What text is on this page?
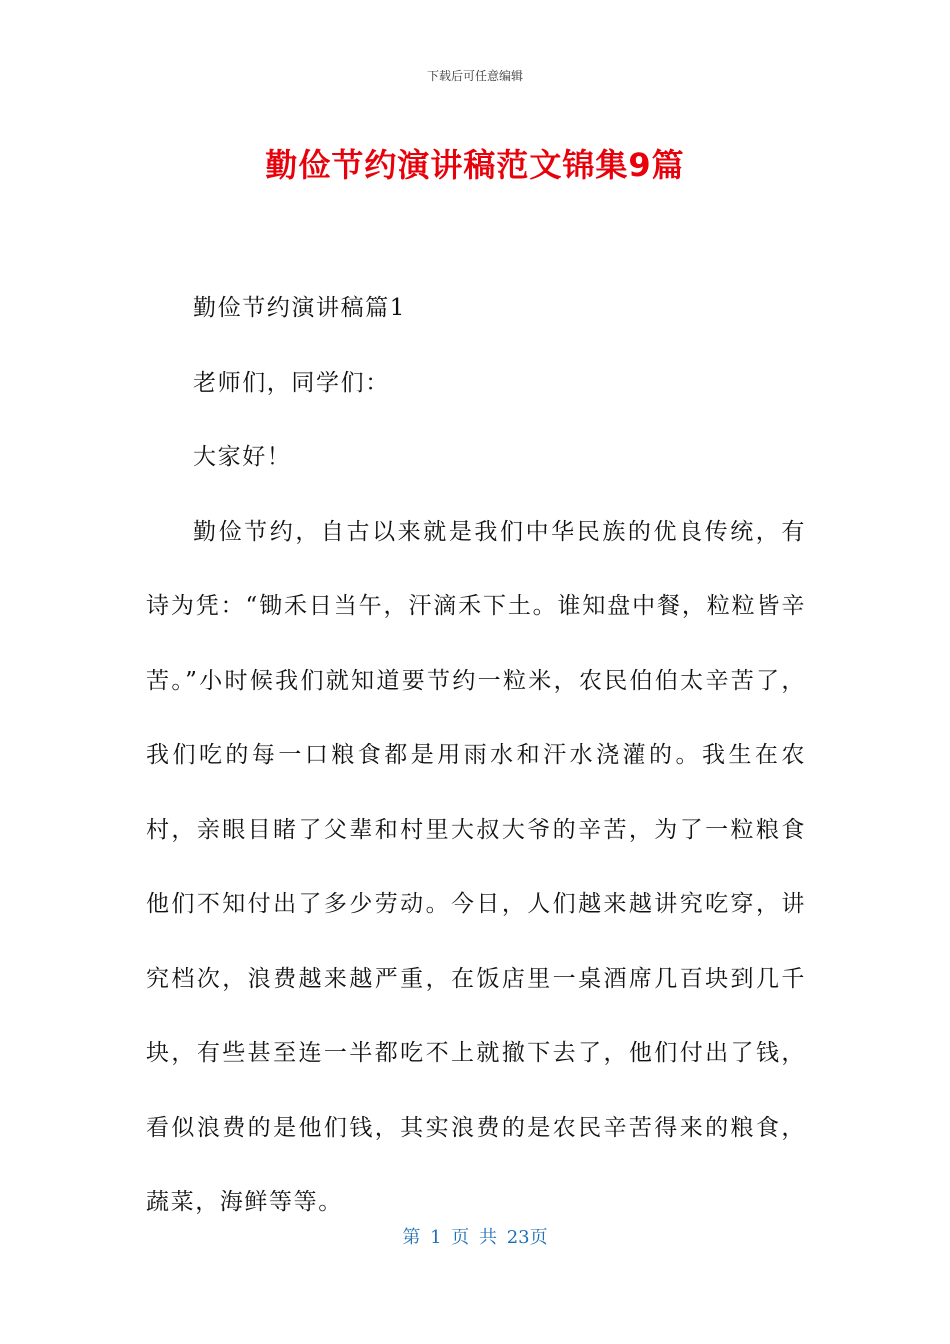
下载后可任意编辑
勤俭节约演讲稿范文锦集9篇

勤俭节约演讲稿篇1

老师们，同学们：

大家好！

勤俭节约，自古以来就是我们中华民族的优良传统，有诗为凭：“锄禾日当午，汗滴禾下土。谁知盘中餐，粒粒皆辛苦。”小时候我们就知道要节约一粒米，农民伯伯太辛苦了，我们吃的每一口粮食都是用雨水和汗水浇灌的。我生在农村，亲眼目睹了父辈和村里大叔大爷的辛苦，为了一粒粮食他们不知付出了多少劳动。今日，人们越来越讲究吃穿，讲究档次，浪费越来越严重，在饭店里一桌酒席几百块到几千块，有些甚至连一半都吃不上就撤下去了，他们付出了钱，看似浪费的是他们钱，其实浪费的是农民辛苦得来的粮食，蔬菜，海鲜等等。

第 1 页 共 23页
